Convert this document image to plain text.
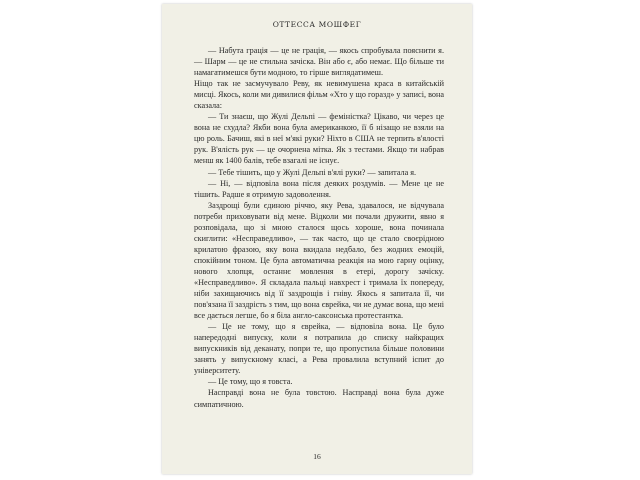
ОТТЕССА МОШФЕГ

— Набута грація — це не грація, — якось спробувала пояснити я. — Шарм — це не стильна зачіска. Він або є, або немає. Що більше ти намагатимешся бути модною, то гірше виглядатимеш.

Ніщо так не засмучувало Реву, як невимушена краса в китайській мисці. Якось, коли ми дивилися фільм «Хто у що горазд» у записі, вона сказала:

— Ти знаєш, що Жулі Дельпі — феміністка? Цікаво, чи через це вона не схудла? Якби вона була американкою, її б нізащо не взяли на цю роль. Бачиш, які в неї м'які руки? Ніхто в США не терпить в'ялості рук. В'ялість рук — це очорнена мітка. Як з тестами. Якщо ти набрав менш як 1400 балів, тебе взагалі не існує.

— Тебе тішить, що у Жулі Дельпі в'ялі руки? — запитала я.

— Ні, — відповіла вона після деяких роздумів. — Мене це не тішить. Радше я отримую задоволення.

Заздрощі були єдиною річчю, яку Рева, здавалося, не відчувала потреби приховувати від мене. Відколи ми почали дружити, явно я розповідала, що зі мною сталося щось хороше, вона починала скиглити: «Несправедливо», — так часто, що це стало своєрідною крилатою фразою, яку вона вкидала недбало, без жодних емоцій, спокійним тоном. Це була автоматична реакція на мою гарну оцінку, нового хлопця, останнє мовлення в етері, дорогу зачіску. «Несправедливо». Я складала пальці навхрест і тримала їх попереду, ніби захищаючись від її заздрощів і гніву. Якось я запитала її, чи пов'язана її заздрість з тим, що вона єврейка, чи не думає вона, що мені все дається легше, бо я біла англо-саксонська протестантка.

— Це не тому, що я єврейка, — відповіла вона. Це було напередодні випуску, коли я потрапила до списку найкращих випускників від деканату, попри те, що пропустила більше половини занять у випускному класі, а Рева провалила вступний іспит до університету.

— Це тому, що я товста.

Насправді вона не була товстою. Насправді вона була дуже симпатичною.

16
